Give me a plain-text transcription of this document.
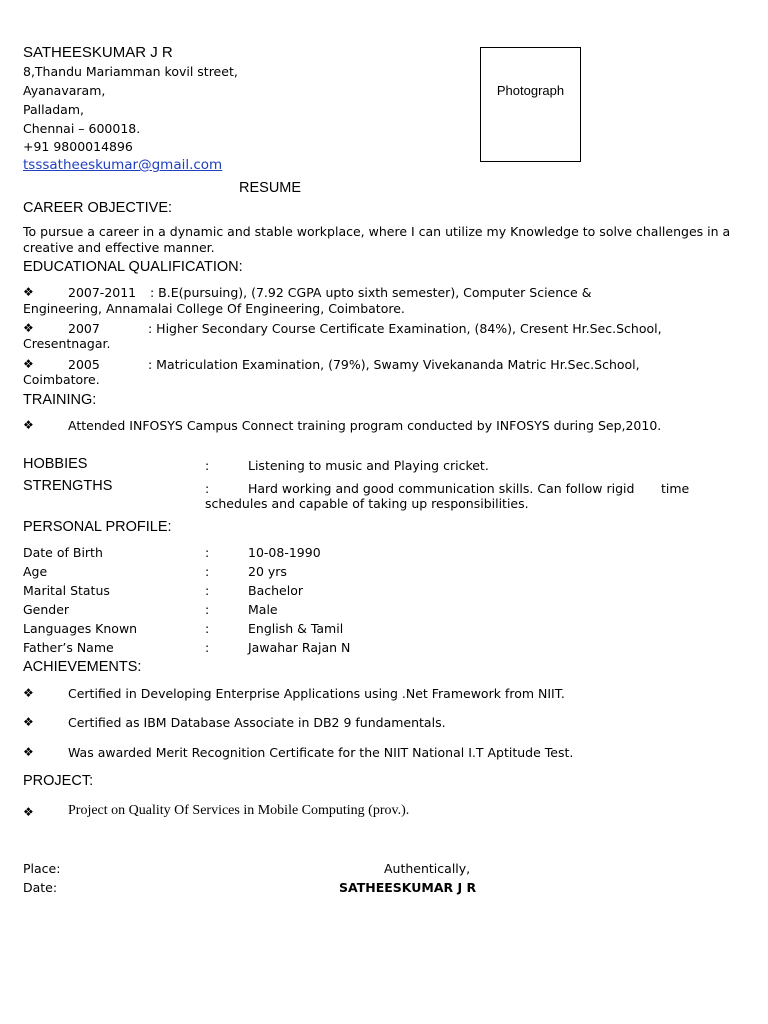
SATHEESKUMAR J R
8,Thandu Mariamman kovil street,
Ayanavaram,
Palladam,
Chennai – 600018.
+91 9800014896
tsssatheeskumar@gmail.com
Photograph
RESUME
CAREER OBJECTIVE:
To pursue a career in a dynamic and stable workplace, where I can utilize my Knowledge to solve challenges in a creative and effective manner.
EDUCATIONAL QUALIFICATION:
❖	2007-2011 : B.E(pursuing), (7.92 CGPA upto sixth semester), Computer Science &
Engineering, Annamalai College Of Engineering, Coimbatore.
❖	2007	: Higher Secondary Course Certificate Examination, (84%), Cresent Hr.Sec.School,
Cresentnagar.
❖	2005	: Matriculation Examination, (79%), Swamy Vivekananda Matric Hr.Sec.School,
Coimbatore.
TRAINING:
❖	Attended INFOSYS Campus Connect training program conducted by INFOSYS during Sep,2010.
HOBBIES	:	Listening to music and Playing cricket.
STRENGTHS	:	Hard working and good communication skills. Can follow rigid time
schedules and capable of taking up responsibilities.
PERSONAL PROFILE:
Date of Birth	:	10-08-1990
Age	:	20 yrs
Marital Status	:	Bachelor
Gender	:	Male
Languages Known	:	English & Tamil
Father’s Name	:	Jawahar Rajan N
ACHIEVEMENTS:
❖	Certified in Developing Enterprise Applications using .Net Framework from NIIT.
❖	Certified as IBM Database Associate in DB2 9 fundamentals.
❖	Was awarded Merit Recognition Certificate for the NIIT National I.T Aptitude Test.
PROJECT:
❖ Project on Quality Of Services in Mobile Computing (prov.).
Place:
Date:
Authentically,
SATHEESKUMAR J R
